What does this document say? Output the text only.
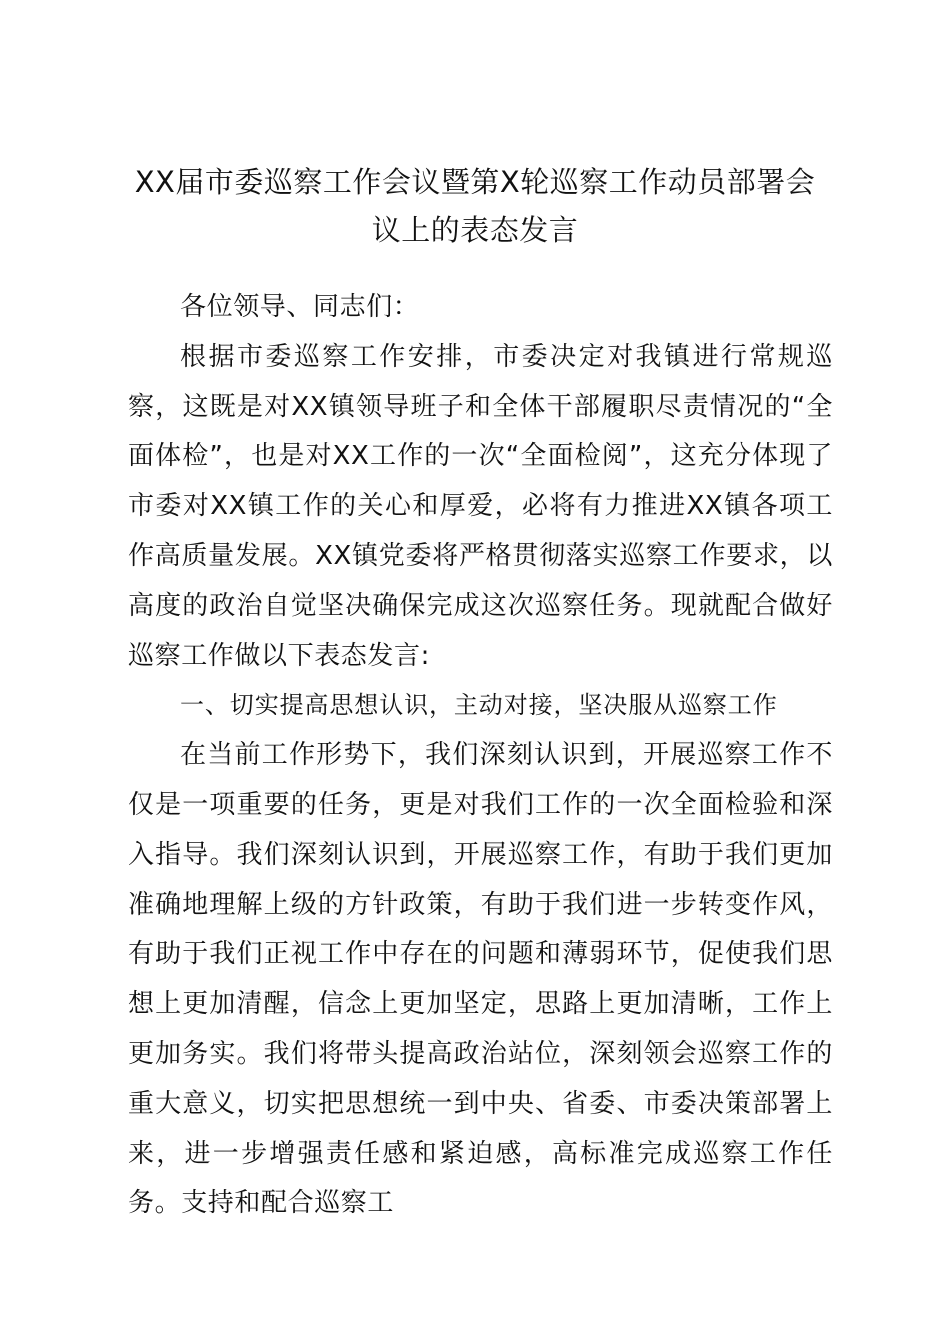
XX届市委巡察工作会议暨第X轮巡察工作动员部署会
议上的表态发言

各位领导、同志们：

根据市委巡察工作安排，市委决定对我镇进行常规巡察，这既是对XX镇领导班子和全体干部履职尽责情况的“全面体检”，也是对XX工作的一次“全面检阅”，这充分体现了市委对XX镇工作的关心和厚爱，必将有力推进XX镇各项工作高质量发展。XX镇党委将严格贯彻落实巡察工作要求，以高度的政治自觉坚决确保完成这次巡察任务。现就配合做好巡察工作做以下表态发言:

一、切实提高思想认识，主动对接，坚决服从巡察工作

在当前工作形势下，我们深刻认识到，开展巡察工作不仅是一项重要的任务，更是对我们工作的一次全面检验和深入指导。我们深刻认识到，开展巡察工作，有助于我们更加准确地理解上级的方针政策，有助于我们进一步转变作风，有助于我们正视工作中存在的问题和薄弱环节，促使我们思想上更加清醒，信念上更加坚定，思路上更加清晰，工作上更加务实。我们将带头提高政治站位，深刻领会巡察工作的重大意义，切实把思想统一到中央、省委、市委决策部署上来，进一步增强责任感和紧迫感，高标准完成巡察工作任务。支持和配合巡察工
